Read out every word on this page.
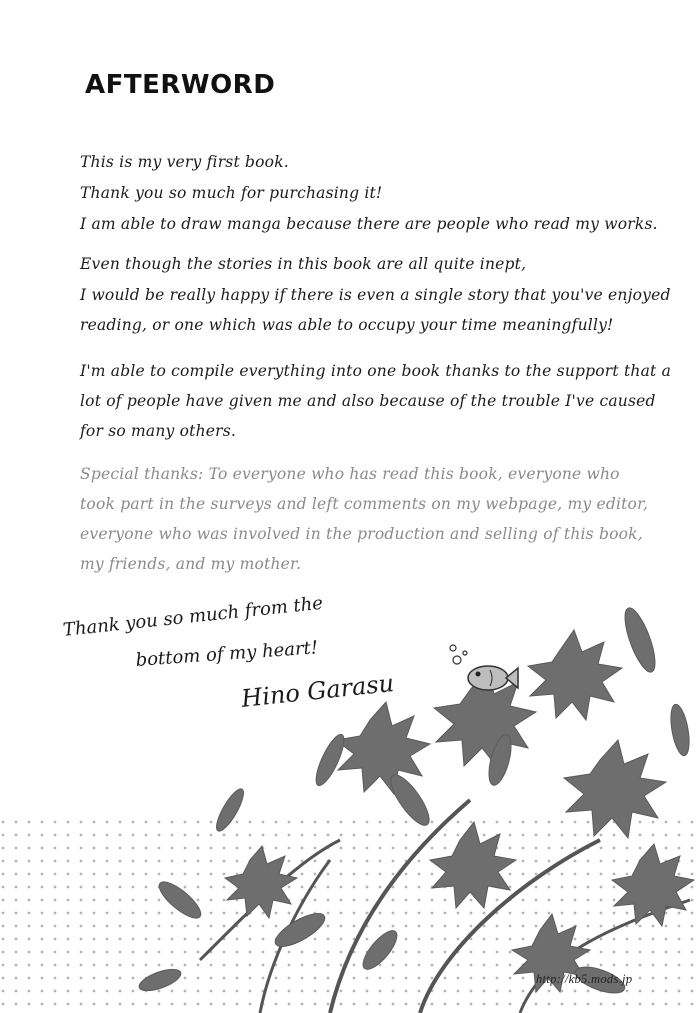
AFTERWORD
This is my very first book.
Thank you so much for purchasing it!
I am able to draw manga because there are people who read my works.
Even though the stories in this book are all quite inept,
I would be really happy if there is even a single story that you've enjoyed
reading, or one which was able to occupy your time meaningfully!
I'm able to compile everything into one book thanks to the support that a
lot of people have given me and also because of the trouble I've caused
for so many others.
Special thanks: To everyone who has read this book, everyone who
took part in the surveys and left comments on my webpage, my editor,
everyone who was involved in the production and selling of this book,
my friends, and my mother.
Thank you so much from the
bottom of my heart!
Hino Garasu
http://kb5.mods.jp
